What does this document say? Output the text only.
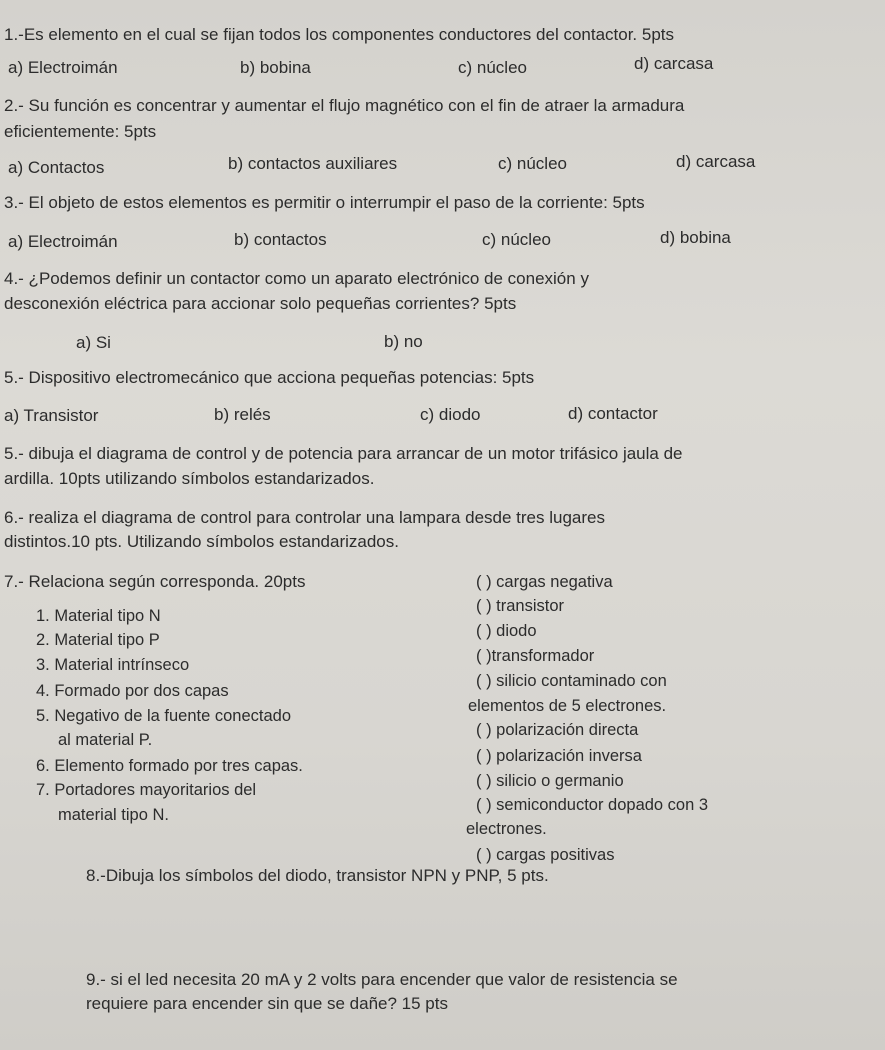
1.-Es elemento en el cual se fijan todos los componentes conductores del contactor. 5pts
a) Electroimán	b) bobina	c) núcleo	d) carcasa
2.- Su función es concentrar y aumentar el flujo magnético con el fin de atraer la armadura
eficientemente: 5pts
a) Contactos	b) contactos auxiliares	c) núcleo	d) carcasa
3.- El objeto de estos elementos es permitir o interrumpir el paso de la corriente: 5pts
a) Electroimán	b) contactos	c) núcleo	d) bobina
4.- ¿Podemos definir un contactor como un aparato electrónico de conexión y
desconexión eléctrica para accionar solo pequeñas corrientes? 5pts
a) Si	b) no
5.- Dispositivo electromecánico que acciona pequeñas potencias: 5pts
a) Transistor	b) relés	c) diodo	d) contactor
5.- dibuja el diagrama de control y de potencia para arrancar de un motor trifásico jaula de
ardilla. 10pts utilizando símbolos estandarizados.
6.- realiza el diagrama de control para controlar una lampara desde tres lugares
distintos.10 pts. Utilizando símbolos estandarizados.
7.- Relaciona según corresponda. 20pts
1. Material tipo N
2. Material tipo P
3. Material intrínseco
4. Formado por dos capas
5. Negativo de la fuente conectado
al material P.
6. Elemento formado por tres capas.
7. Portadores mayoritarios del
material tipo N.
( ) cargas negativa
( ) transistor
( ) diodo
( )transformador
( ) silicio contaminado con
elementos de 5 electrones.
( ) polarización directa
( ) polarización inversa
( ) silicio o germanio
( ) semiconductor dopado con 3
electrones.
( ) cargas positivas
8.-Dibuja los símbolos del diodo, transistor NPN y PNP, 5 pts.
9.- si el led necesita 20 mA y 2 volts para encender que valor de resistencia se
requiere para encender sin que se dañe? 15 pts
